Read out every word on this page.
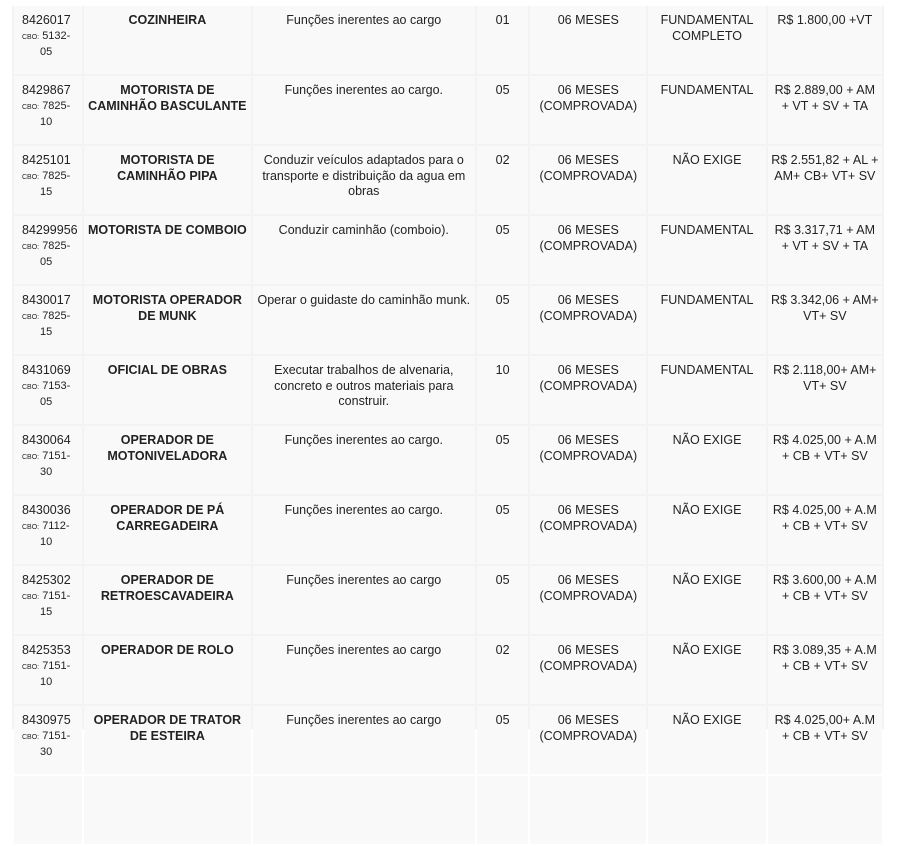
8426017
CBO: 5132-
05	COZINHEIRA	Funções inerentes ao cargo	01	06 MESES	FUNDAMENTAL COMPLETO	R$ 1.800,00 +VT

8429867
CBO: 7825-
10	MOTORISTA DE CAMINHÃO BASCULANTE	Funções inerentes ao cargo.	05	06 MESES (COMPROVADA)	FUNDAMENTAL	R$ 2.889,00 + AM + VT + SV + TA

8425101
CBO: 7825-
15	MOTORISTA DE CAMINHÃO PIPA	Conduzir veículos adaptados para o transporte e distribuição da agua em obras	02	06 MESES (COMPROVADA)	NÃO EXIGE	R$ 2.551,82 + AL + AM+ CB+ VT+ SV

84299956
CBO: 7825-
05	MOTORISTA DE COMBOIO	Conduzir caminhão (comboio).	05	06 MESES (COMPROVADA)	FUNDAMENTAL	R$ 3.317,71 + AM + VT + SV + TA

8430017
CBO: 7825-
15	MOTORISTA OPERADOR DE MUNK	Operar o guidaste do caminhão munk.	05	06 MESES (COMPROVADA)	FUNDAMENTAL	R$ 3.342,06 + AM+ VT+ SV

8431069
CBO: 7153-
05	OFICIAL DE OBRAS	Executar trabalhos de alvenaria, concreto e outros materiais para construir.	10	06 MESES (COMPROVADA)	FUNDAMENTAL	R$ 2.118,00+ AM+ VT+ SV

8430064
CBO: 7151-
30	OPERADOR DE MOTONIVELADORA	Funções inerentes ao cargo.	05	06 MESES (COMPROVADA)	NÃO EXIGE	R$ 4.025,00 + A.M + CB + VT+ SV

8430036
CBO: 7112-
10	OPERADOR DE PÁ CARREGADEIRA	Funções inerentes ao cargo.	05	06 MESES (COMPROVADA)	NÃO EXIGE	R$ 4.025,00 + A.M + CB + VT+ SV

8425302
CBO: 7151-
15	OPERADOR DE RETROESCAVADEIRA	Funções inerentes ao cargo	05	06 MESES (COMPROVADA)	NÃO EXIGE	R$ 3.600,00 + A.M + CB + VT+ SV

8425353
CBO: 7151-
10	OPERADOR DE ROLO	Funções inerentes ao cargo	02	06 MESES (COMPROVADA)	NÃO EXIGE	R$ 3.089,35 + A.M + CB + VT+ SV

8430975
CBO: 7151-
30	OPERADOR DE TRATOR DE ESTEIRA	Funções inerentes ao cargo	05	06 MESES (COMPROVADA)	NÃO EXIGE	R$ 4.025,00+ A.M + CB + VT+ SV
